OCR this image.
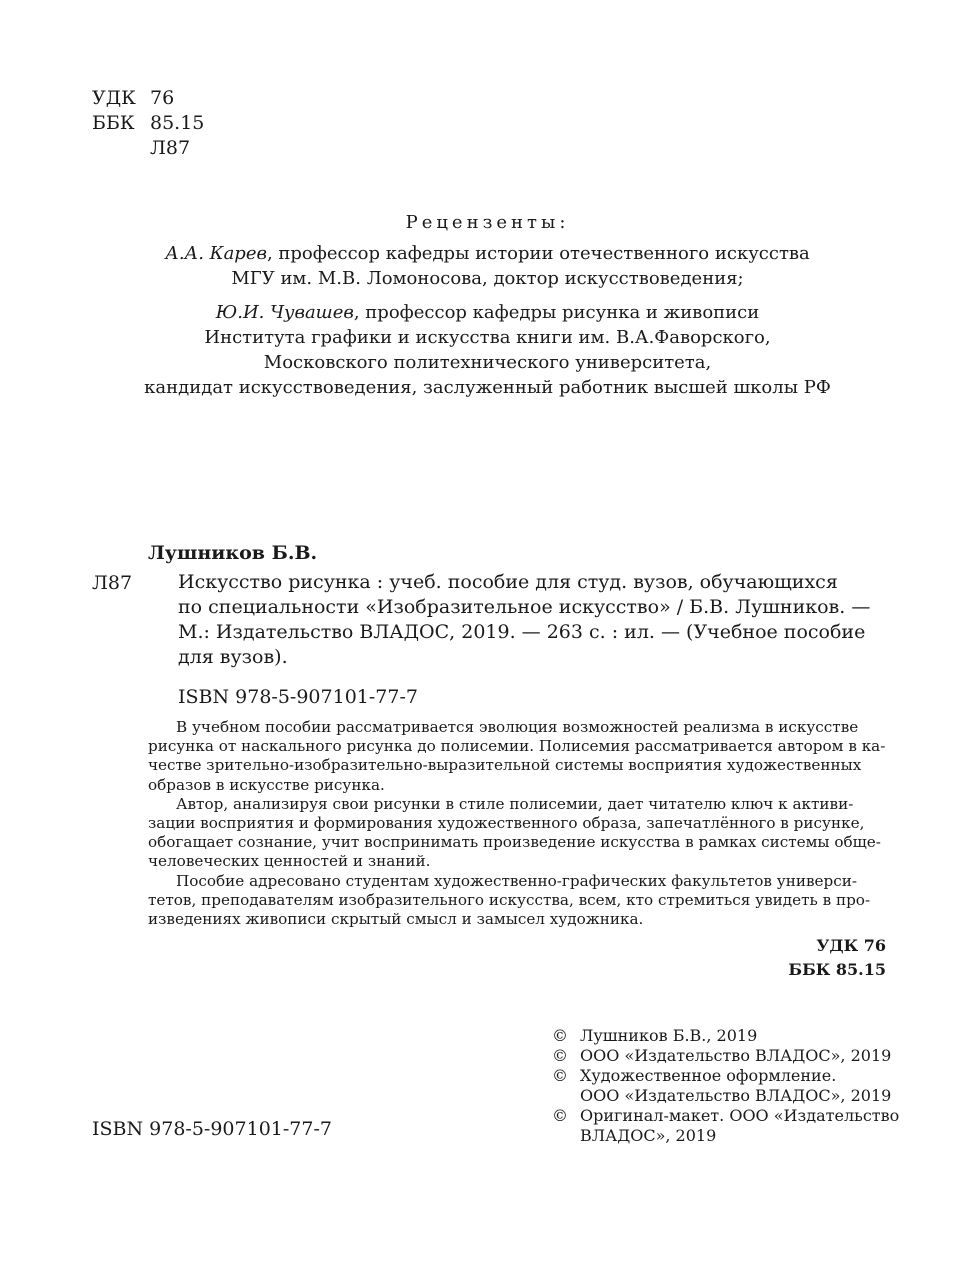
УДК 76
ББК 85.15
Л87
Рецензенты:
А.А. Карев, профессор кафедры истории отечественного искусства
МГУ им. М.В. Ломоносова, доктор искусствоведения;
Ю.И. Чувашев, профессор кафедры рисунка и живописи
Института графики и искусства книги им. В.А.Фаворского,
Московского политехнического университета,
кандидат искусствоведения, заслуженный работник высшей школы РФ
Лушников Б.В.
Л87 Искусство рисунка : учеб. пособие для студ. вузов, обучающихся
по специальности «Изобразительное искусство» / Б.В. Лушников. —
М.: Издательство ВЛАДОС, 2019. — 263 с. : ил. — (Учебное пособие
для вузов).
ISBN 978-5-907101-77-7
В учебном пособии рассматривается эволюция возможностей реализма в искусстве
рисунка от наскального рисунка до полисемии. Полисемия рассматривается автором в ка-
честве зрительно-изобразительно-выразительной системы восприятия художественных
образов в искусстве рисунка.
Автор, анализируя свои рисунки в стиле полисемии, дает читателю ключ к активи-
зации восприятия и формирования художественного образа, запечатлённого в рисунке,
обогащает сознание, учит воспринимать произведение искусства в рамках системы обще-
человеческих ценностей и знаний.
Пособие адресовано студентам художественно-графических факультетов универси-
тетов, преподавателям изобразительного искусства, всем, кто стремиться увидеть в про-
изведениях живописи скрытый смысл и замысел художника.
УДК 76
ББК 85.15
© Лушников Б.В., 2019
© ООО «Издательство ВЛАДОС», 2019
© Художественное оформление.
ООО «Издательство ВЛАДОС», 2019
© Оригинал-макет. ООО «Издательство
ВЛАДОС», 2019
ISBN 978-5-907101-77-7
